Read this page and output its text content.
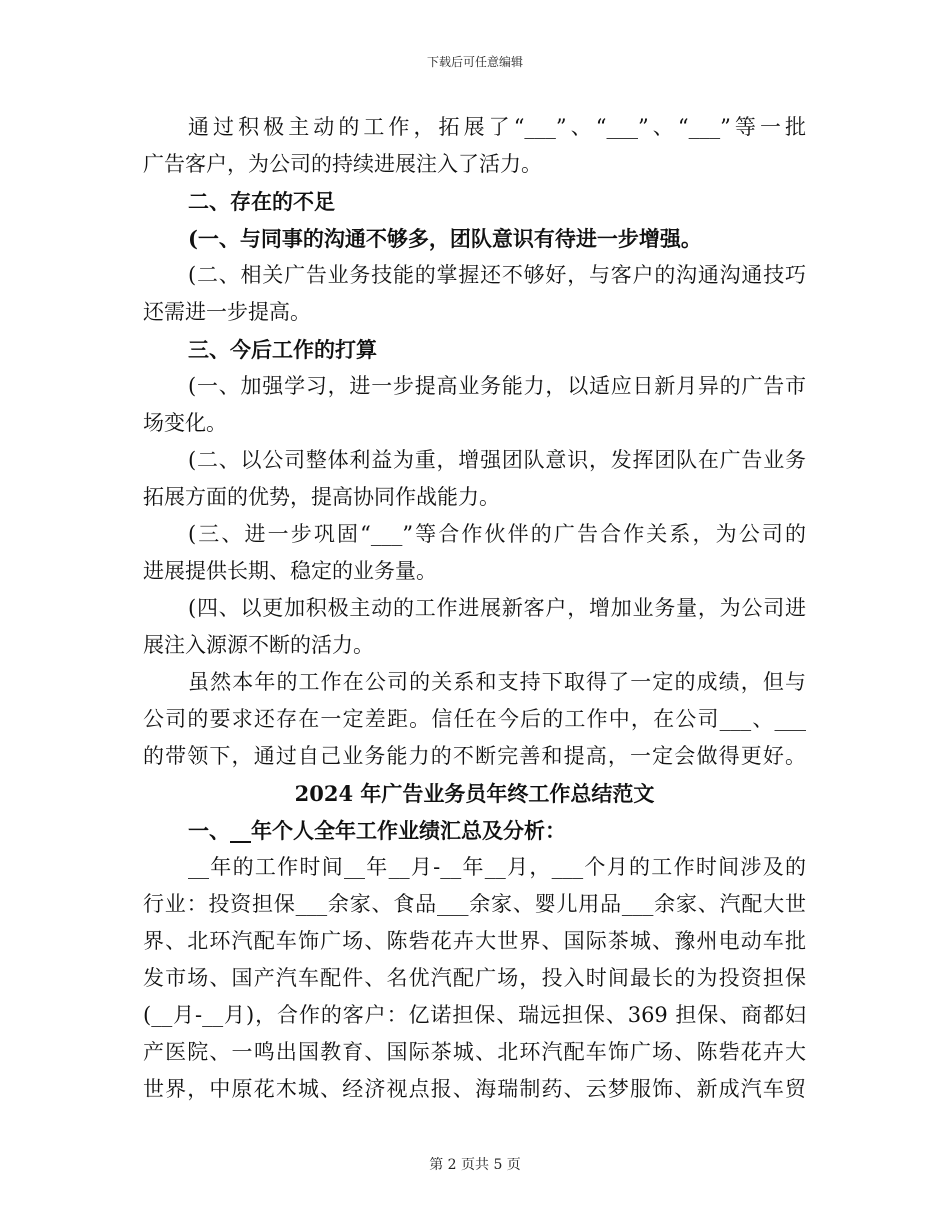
下载后可任意编辑
通过积极主动的工作，拓展了“___”、“___”、“___”等一批
广告客户，为公司的持续进展注入了活力。
二、存在的不足
(一、与同事的沟通不够多，团队意识有待进一步增强。
(二、相关广告业务技能的掌握还不够好，与客户的沟通沟通技巧
还需进一步提高。
三、今后工作的打算
(一、加强学习，进一步提高业务能力，以适应日新月异的广告市
场变化。
(二、以公司整体利益为重，增强团队意识，发挥团队在广告业务
拓展方面的优势，提高协同作战能力。
(三、进一步巩固“___”等合作伙伴的广告合作关系，为公司的
进展提供长期、稳定的业务量。
(四、以更加积极主动的工作进展新客户，增加业务量，为公司进
展注入源源不断的活力。
虽然本年的工作在公司的关系和支持下取得了一定的成绩，但与
公司的要求还存在一定差距。信任在今后的工作中，在公司___、___
的带领下，通过自己业务能力的不断完善和提高，一定会做得更好。
2024 年广告业务员年终工作总结范文
一、__年个人全年工作业绩汇总及分析：
__年的工作时间__年__月-__年__月，___个月的工作时间涉及的
行业：投资担保___余家、食品___余家、婴儿用品___余家、汽配大世
界、北环汽配车饰广场、陈砦花卉大世界、国际茶城、豫州电动车批
发市场、国产汽车配件、名优汽配广场，投入时间最长的为投资担保
(__月-__月)，合作的客户：亿诺担保、瑞远担保、369 担保、商都妇
产医院、一鸣出国教育、国际茶城、北环汽配车饰广场、陈砦花卉大
世界，中原花木城、经济视点报、海瑞制药、云梦服饰、新成汽车贸
第 2 页共 5 页
